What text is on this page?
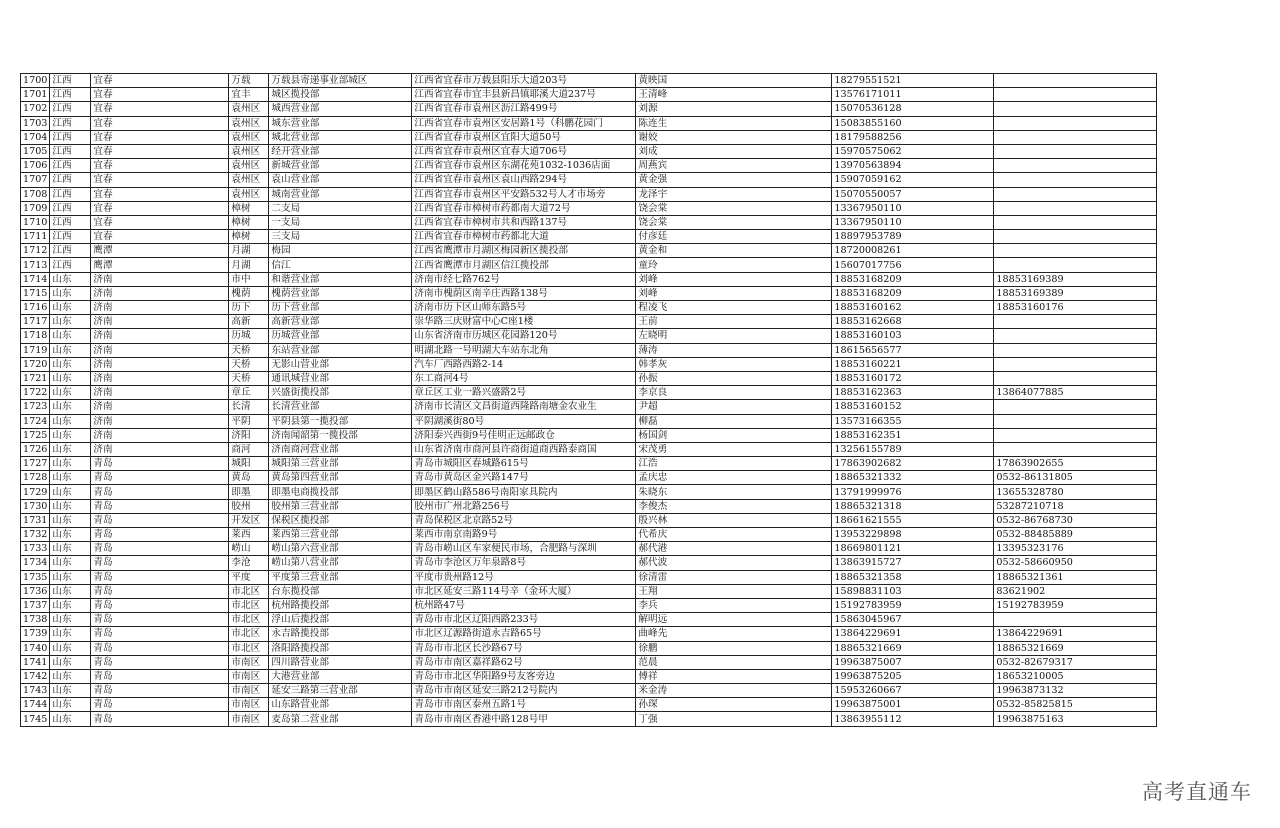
1700	江西	宜春	万载	万载县寄递事业部城区	江西省宜春市万载县阳乐大道203号	黄映国	18279551521	
1701	江西	宜春	宜丰	城区揽投部	江西省宜春市宜丰县新昌镇耶溪大道237号	王清峰	13576171011	
1702	江西	宜春	袁州区	城西营业部	江西省宜春市袁州区沥江路499号	刘源	15070536128	
1703	江西	宜春	袁州区	城东营业部	江西省宜春市袁州区安居路1号（科鹏花园门	陈连生	15083855160	
1704	江西	宜春	袁州区	城北营业部	江西省宜春市袁州区宜阳大道50号	谢姣	18179588256	
1705	江西	宜春	袁州区	经开营业部	江西省宜春市袁州区宜春大道706号	刘成	15970575062	
1706	江西	宜春	袁州区	新城营业部	江西省宜春市袁州区东湖花苑1032-1036店面	周燕宾	13970563894	
1707	江西	宜春	袁州区	袁山营业部	江西省宜春市袁州区袁山西路294号	黄金强	15907059162	
1708	江西	宜春	袁州区	城南营业部	江西省宜春市袁州区平安路532号人才市场旁	龙泽宇	15070550057	
1709	江西	宜春	樟树	二支局	江西省宜春市樟树市药都南大道72号	饶会棠	13367950110	
1710	江西	宜春	樟树	一支局	江西省宜春市樟树市共和西路137号	饶会棠	13367950110	
1711	江西	宜春	樟树	三支局	江西省宜春市樟树市药都北大道	付彦廷	18897953789	
1712	江西	鹰潭	月湖	梅园	江西省鹰潭市月湖区梅园新区揽投部	黄金和	18720008261	
1713	江西	鹰潭	月湖	信江	江西省鹰潭市月湖区信江揽投部	童玲	15607017756	
1714	山东	济南	市中	和谐营业部	济南市经七路762号	刘峰	18853168209	18853169389
1715	山东	济南	槐荫	槐荫营业部	济南市槐荫区南辛庄西路138号	刘峰	18853168209	18853169389
1716	山东	济南	历下	历下营业部	济南市历下区山师东路5号	程凌飞	18853160162	18853160176
1717	山东	济南	高新	高新营业部	崇华路三庆财富中心C座1楼	王前	18853162668	
1718	山东	济南	历城	历城营业部	山东省济南市历城区花园路120号	左晓明	18853160103	
1719	山东	济南	天桥	东站营业部	明湖北路一号明湖大车站东北角	薄涛	18615656577	
1720	山东	济南	天桥	无影山营业部	汽车厂西路西路2-14	韩孝灰	18853160221	
1721	山东	济南	天桥	通讯城营业部	东工商河4号	孙振	18853160172	
1722	山东	济南	章丘	兴盛街揽投部	章丘区工业一路兴盛路2号	李京良	18853162363	13864077885
1723	山东	济南	长清	长清营业部	济南市长清区文昌街道西隆路南塘金农业生	尹超	18853160152	
1724	山东	济南	平阴	平阴县第一揽投部	平阴湖溪街80号	柳磊	13573166355	
1725	山东	济南	济阳	济南闻韶第一揽投部	济阳泰兴西街9号佳明正远邮政仓	杨国剑	18853162351	
1726	山东	济南	商河	济南商河营业部	山东省济南市商河县许商街道商西路泰商国	宋茂勇	13256155789	
1727	山东	青岛	城阳	城阳第三营业部	青岛市城阳区春城路615号	江浩	17863902682	17863902655
1728	山东	青岛	黄岛	黄岛第四营业部	青岛市黄岛区金兴路147号	孟庆忠	18865321332	0532-86131805
1729	山东	青岛	即墨	即墨电商揽投部	即墨区鹤山路586号南阳家具院内	朱晓东	13791999976	13655328780
1730	山东	青岛	胶州	胶州第三营业部	胶州市广州北路256号	李俊杰	18865321318	53287210718
1731	山东	青岛	开发区	保税区揽投部	青岛保税区北京路52号	殷兴林	18661621555	0532-86768730
1732	山东	青岛	莱西	莱西第三营业部	莱西市南京南路9号	代希庆	13953229898	0532-88485889
1733	山东	青岛	崂山	崂山第六营业部	青岛市崂山区车家便民市场，合肥路与深圳	郝代港	18669801121	13395323176
1734	山东	青岛	李沧	崂山第八营业部	青岛市李沧区万年泉路8号	郝代波	13863915727	0532-58660950
1735	山东	青岛	平度	平度第三营业部	平度市贵州路12号	徐清雷	18865321358	18865321361
1736	山东	青岛	市北区	台东揽投部	市北区延安三路114号辛（金环大厦）	王翔	15898831103	83621902
1737	山东	青岛	市北区	杭州路揽投部	杭州路47号	李兵	15192783959	15192783959
1738	山东	青岛	市北区	浮山后揽投部	青岛市市北区辽阳西路233号	解明远	15863045967	
1739	山东	青岛	市北区	永吉路揽投部	市北区辽源路街道永吉路65号	曲峰先	13864229691	13864229691
1740	山东	青岛	市北区	洛阳路揽投部	青岛市市北区长沙路67号	徐鹏	18865321669	18865321669
1741	山东	青岛	市南区	四川路营业部	青岛市市南区嘉祥路62号	范晨	19963875007	0532-82679317
1742	山东	青岛	市南区	大港营业部	青岛市市北区华阳路9号友客旁边	傅祥	19963875205	18653210005
1743	山东	青岛	市南区	延安三路第三营业部	青岛市市南区延安三路212号院内	米金涛	15953260667	19963873132
1744	山东	青岛	市南区	山东路营业部	青岛市市南区泰州五路1号	孙琛	19963875001	0532-85825815
1745	山东	青岛	市南区	麦岛第二营业部	青岛市市南区香港中路128号甲	丁强	13863955112	19963875163
高考直通车
